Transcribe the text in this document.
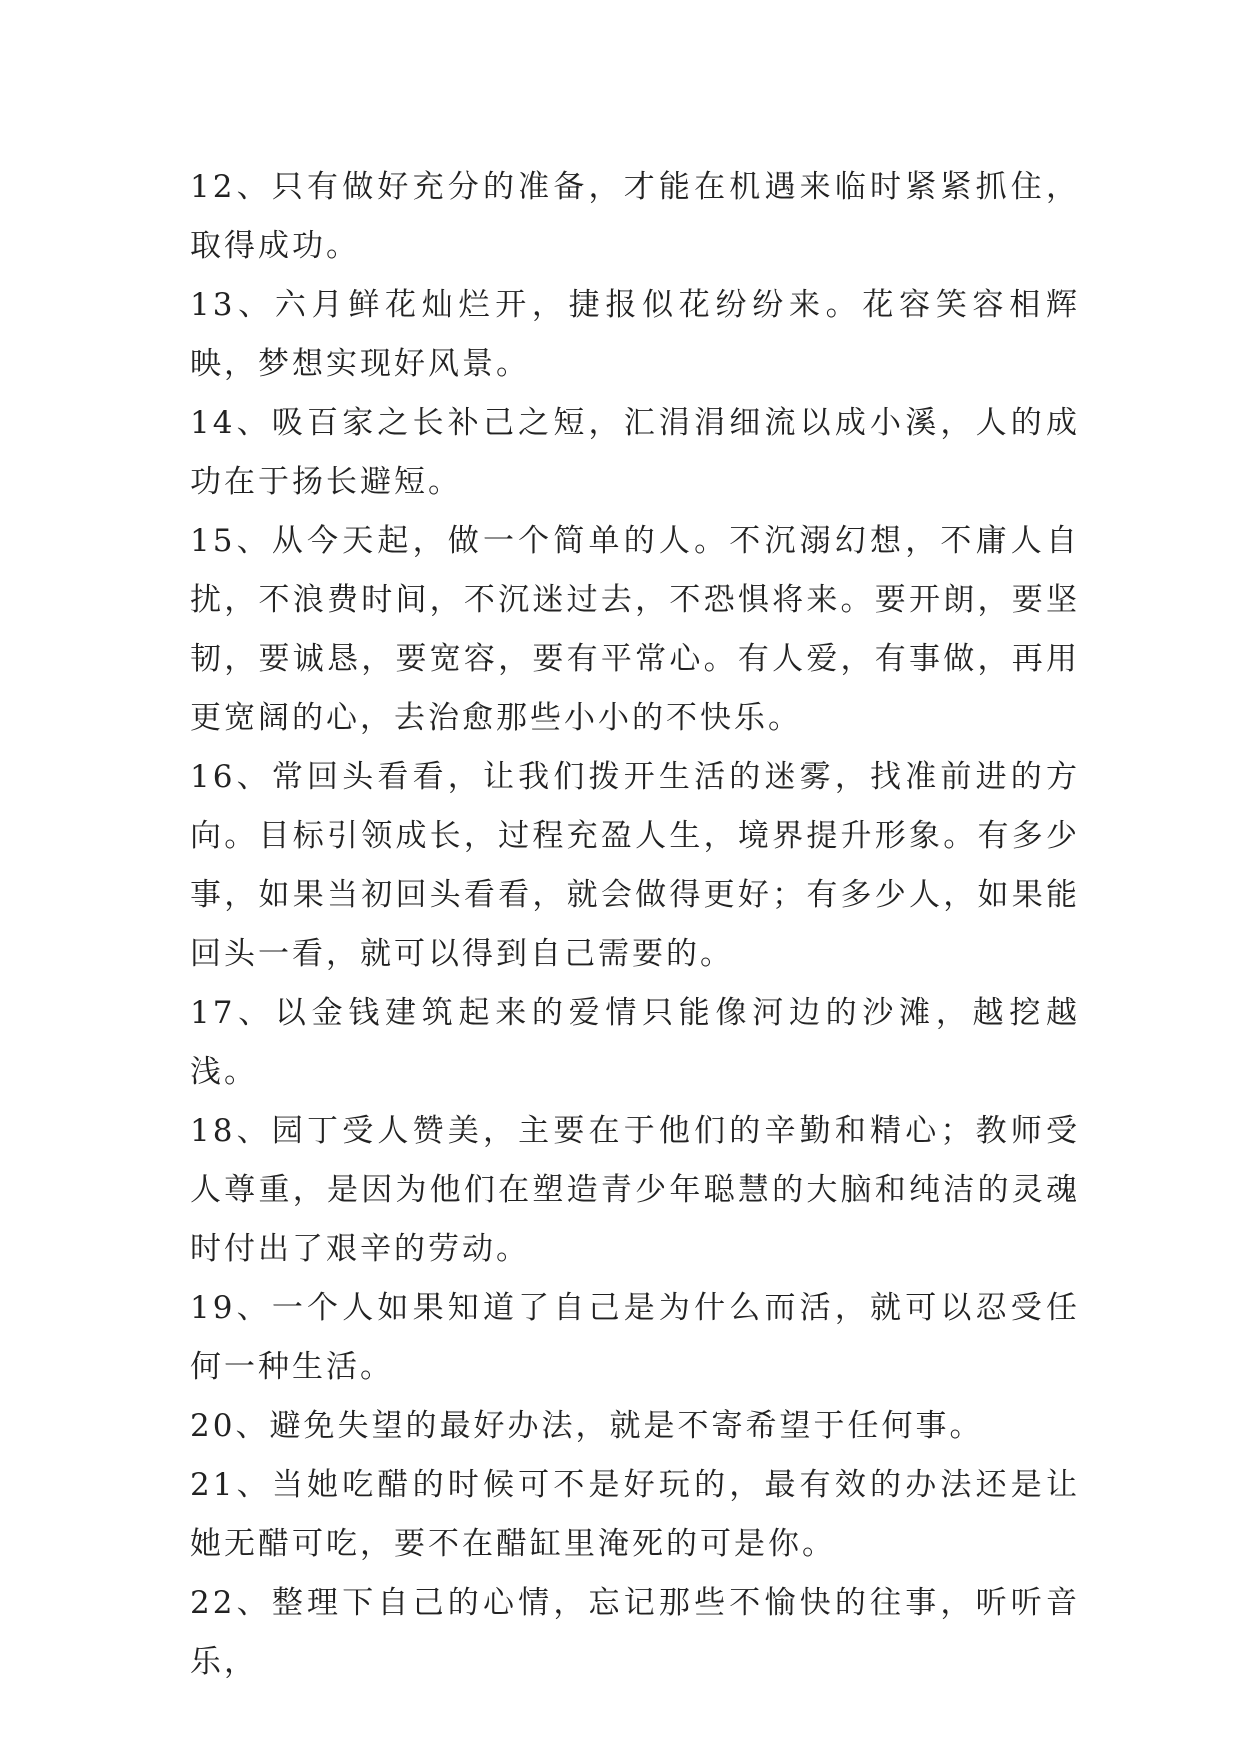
12、只有做好充分的准备，才能在机遇来临时紧紧抓住，取得成功。

13、六月鲜花灿烂开，捷报似花纷纷来。花容笑容相辉映，梦想实现好风景。

14、吸百家之长补己之短，汇涓涓细流以成小溪，人的成功在于扬长避短。

15、从今天起，做一个简单的人。不沉溺幻想，不庸人自扰，不浪费时间，不沉迷过去，不恐惧将来。要开朗，要坚韧，要诚恳，要宽容，要有平常心。有人爱，有事做，再用更宽阔的心，去治愈那些小小的不快乐。

16、常回头看看，让我们拨开生活的迷雾，找准前进的方向。目标引领成长，过程充盈人生，境界提升形象。有多少事，如果当初回头看看，就会做得更好；有多少人，如果能回头一看，就可以得到自己需要的。

17、以金钱建筑起来的爱情只能像河边的沙滩，越挖越浅。

18、园丁受人赞美，主要在于他们的辛勤和精心；教师受人尊重，是因为他们在塑造青少年聪慧的大脑和纯洁的灵魂时付出了艰辛的劳动。

19、一个人如果知道了自己是为什么而活，就可以忍受任何一种生活。

20、避免失望的最好办法，就是不寄希望于任何事。

21、当她吃醋的时候可不是好玩的，最有效的办法还是让她无醋可吃，要不在醋缸里淹死的可是你。

22、整理下自己的心情，忘记那些不愉快的往事，听听音乐，
